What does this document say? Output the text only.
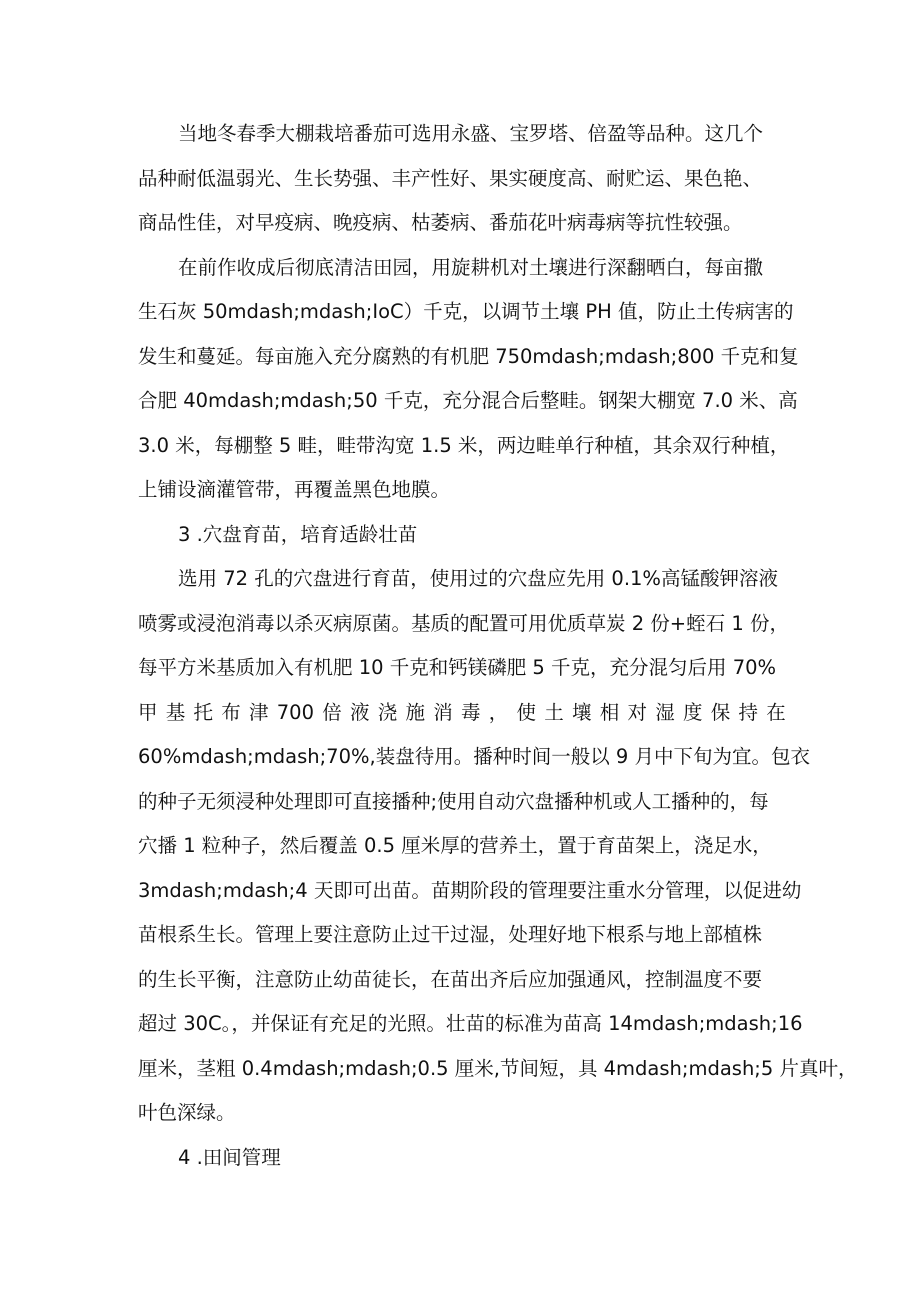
当地冬春季大棚栽培番茄可选用永盛、宝罗塔、倍盈等品种。这几个
品种耐低温弱光、生长势强、丰产性好、果实硬度高、耐贮运、果色艳、
商品性佳，对早疫病、晚疫病、枯萎病、番茄花叶病毒病等抗性较强。
在前作收成后彻底清洁田园，用旋耕机对土壤进行深翻晒白，每亩撒
生石灰 50mdash;mdash;IoC）千克，以调节土壤 PH 值，防止土传病害的
发生和蔓延。每亩施入充分腐熟的有机肥 750mdash;mdash;800 千克和复
合肥 40mdash;mdash;50 千克，充分混合后整畦。钢架大棚宽 7.0 米、高
3.0 米，每棚整 5 畦，畦带沟宽 1.5 米，两边畦单行种植，其余双行种植，
上铺设滴灌管带，再覆盖黑色地膜。
3 .穴盘育苗，培育适龄壮苗
选用 72 孔的穴盘进行育苗，使用过的穴盘应先用 0.1%高锰酸钾溶液
喷雾或浸泡消毒以杀灭病原菌。基质的配置可用优质草炭 2 份+蛭石 1 份，
每平方米基质加入有机肥 10 千克和钙镁磷肥 5 千克，充分混匀后用 70%
甲 基 托 布 津 700 倍 液 浇 施 消 毒 ， 使 土 壤 相 对 湿 度 保 持 在
60%mdash;mdash;70%,装盘待用。播种时间一般以 9 月中下旬为宜。包衣
的种子无须浸种处理即可直接播种;使用自动穴盘播种机或人工播种的，每
穴播 1 粒种子，然后覆盖 0.5 厘米厚的营养土，置于育苗架上，浇足水，
3mdash;mdash;4 天即可出苗。苗期阶段的管理要注重水分管理，以促进幼
苗根系生长。管理上要注意防止过干过湿，处理好地下根系与地上部植株
的生长平衡，注意防止幼苗徒长，在苗出齐后应加强通风，控制温度不要
超过 30C。，并保证有充足的光照。壮苗的标准为苗高 14mdash;mdash;16
厘米，茎粗 0.4mdash;mdash;0.5 厘米,节间短，具 4mdash;mdash;5 片真叶，
叶色深绿。
4 .田间管理
